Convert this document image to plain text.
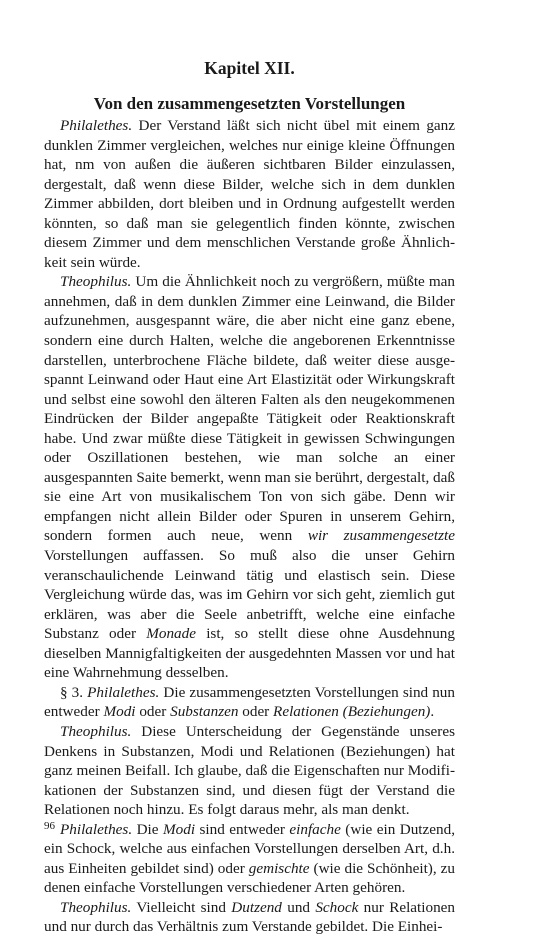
Kapitel XII.
Von den zusammengesetzten Vorstellungen

Philalethes. Der Verstand läßt sich nicht übel mit einem ganz dunklen Zimmer vergleichen, welches nur einige kleine Öffnungen hat, nm von außen die äußeren sichtbaren Bilder einzulassen, dergestalt, daß wenn diese Bilder, welche sich in dem dunklen Zimmer abbilden, dort bleiben und in Ordnung aufgestellt werden könnten, so daß man sie gelegentlich finden könnte, zwischen diesem Zimmer und dem menschlichen Verstande große Ähnlichkeit sein würde.

Theophilus. Um die Ähnlichkeit noch zu vergrößern, müßte man annehmen, daß in dem dunklen Zimmer eine Leinwand, die Bilder aufzunehmen, ausgespannt wäre, die aber nicht eine ganz ebene, sondern eine durch Halten, welche die angeborenen Erkenntnisse darstellen, unterbrochene Fläche bildete, daß weiter diese ausgespannt Leinwand oder Haut eine Art Elastizität oder Wirkungskraft und selbst eine sowohl den älteren Falten als den neugekommenen Eindrücken der Bilder angepaßte Tätigkeit oder Reaktionskraft habe. Und zwar müßte diese Tätigkeit in gewissen Schwingungen oder Oszillationen bestehen, wie man solche an einer ausgespannten Saite bemerkt, wenn man sie berührt, dergestalt, daß sie eine Art von musikalischem Ton von sich gäbe. Denn wir empfangen nicht allein Bilder oder Spuren in unserem Gehirn, sondern formen auch neue, wenn wir zusammengesetzte Vorstellungen auffassen. So muß also die unser Gehirn veranschaulichende Leinwand tätig und elastisch sein. Diese Vergleichung würde das, was im Gehirn vor sich geht, ziemlich gut erklären, was aber die Seele anbetrifft, welche eine einfache Substanz oder Monade ist, so stellt diese ohne Ausdehnung dieselben Mannigfaltigkeiten der ausgedehnten Massen vor und hat eine Wahrnehmung desselben.

§ 3. Philalethes. Die zusammengesetzten Vorstellungen sind nun entweder Modi oder Substanzen oder Relationen (Beziehungen).

Theophilus. Diese Unterscheidung der Gegenstände unseres Denkens in Substanzen, Modi und Relationen (Beziehungen) hat ganz meinen Beifall. Ich glaube, daß die Eigenschaften nur Modifikationen der Substanzen sind, und diesen fügt der Verstand die Relationen noch hinzu. Es folgt daraus mehr, als man denkt.

Philalethes. Die Modi sind entweder einfache (wie ein Dutzend, ein Schock, welche aus einfachen Vorstellungen derselben Art, d.h. aus Einheiten gebildet sind) oder gemischte (wie die Schönheit), zu denen einfache Vorstellungen verschiedener Arten gehören.

Theophilus. Vielleicht sind Dutzend und Schock nur Relationen und nur durch das Verhältnis zum Verstande gebildet. Die Einhei-

96
